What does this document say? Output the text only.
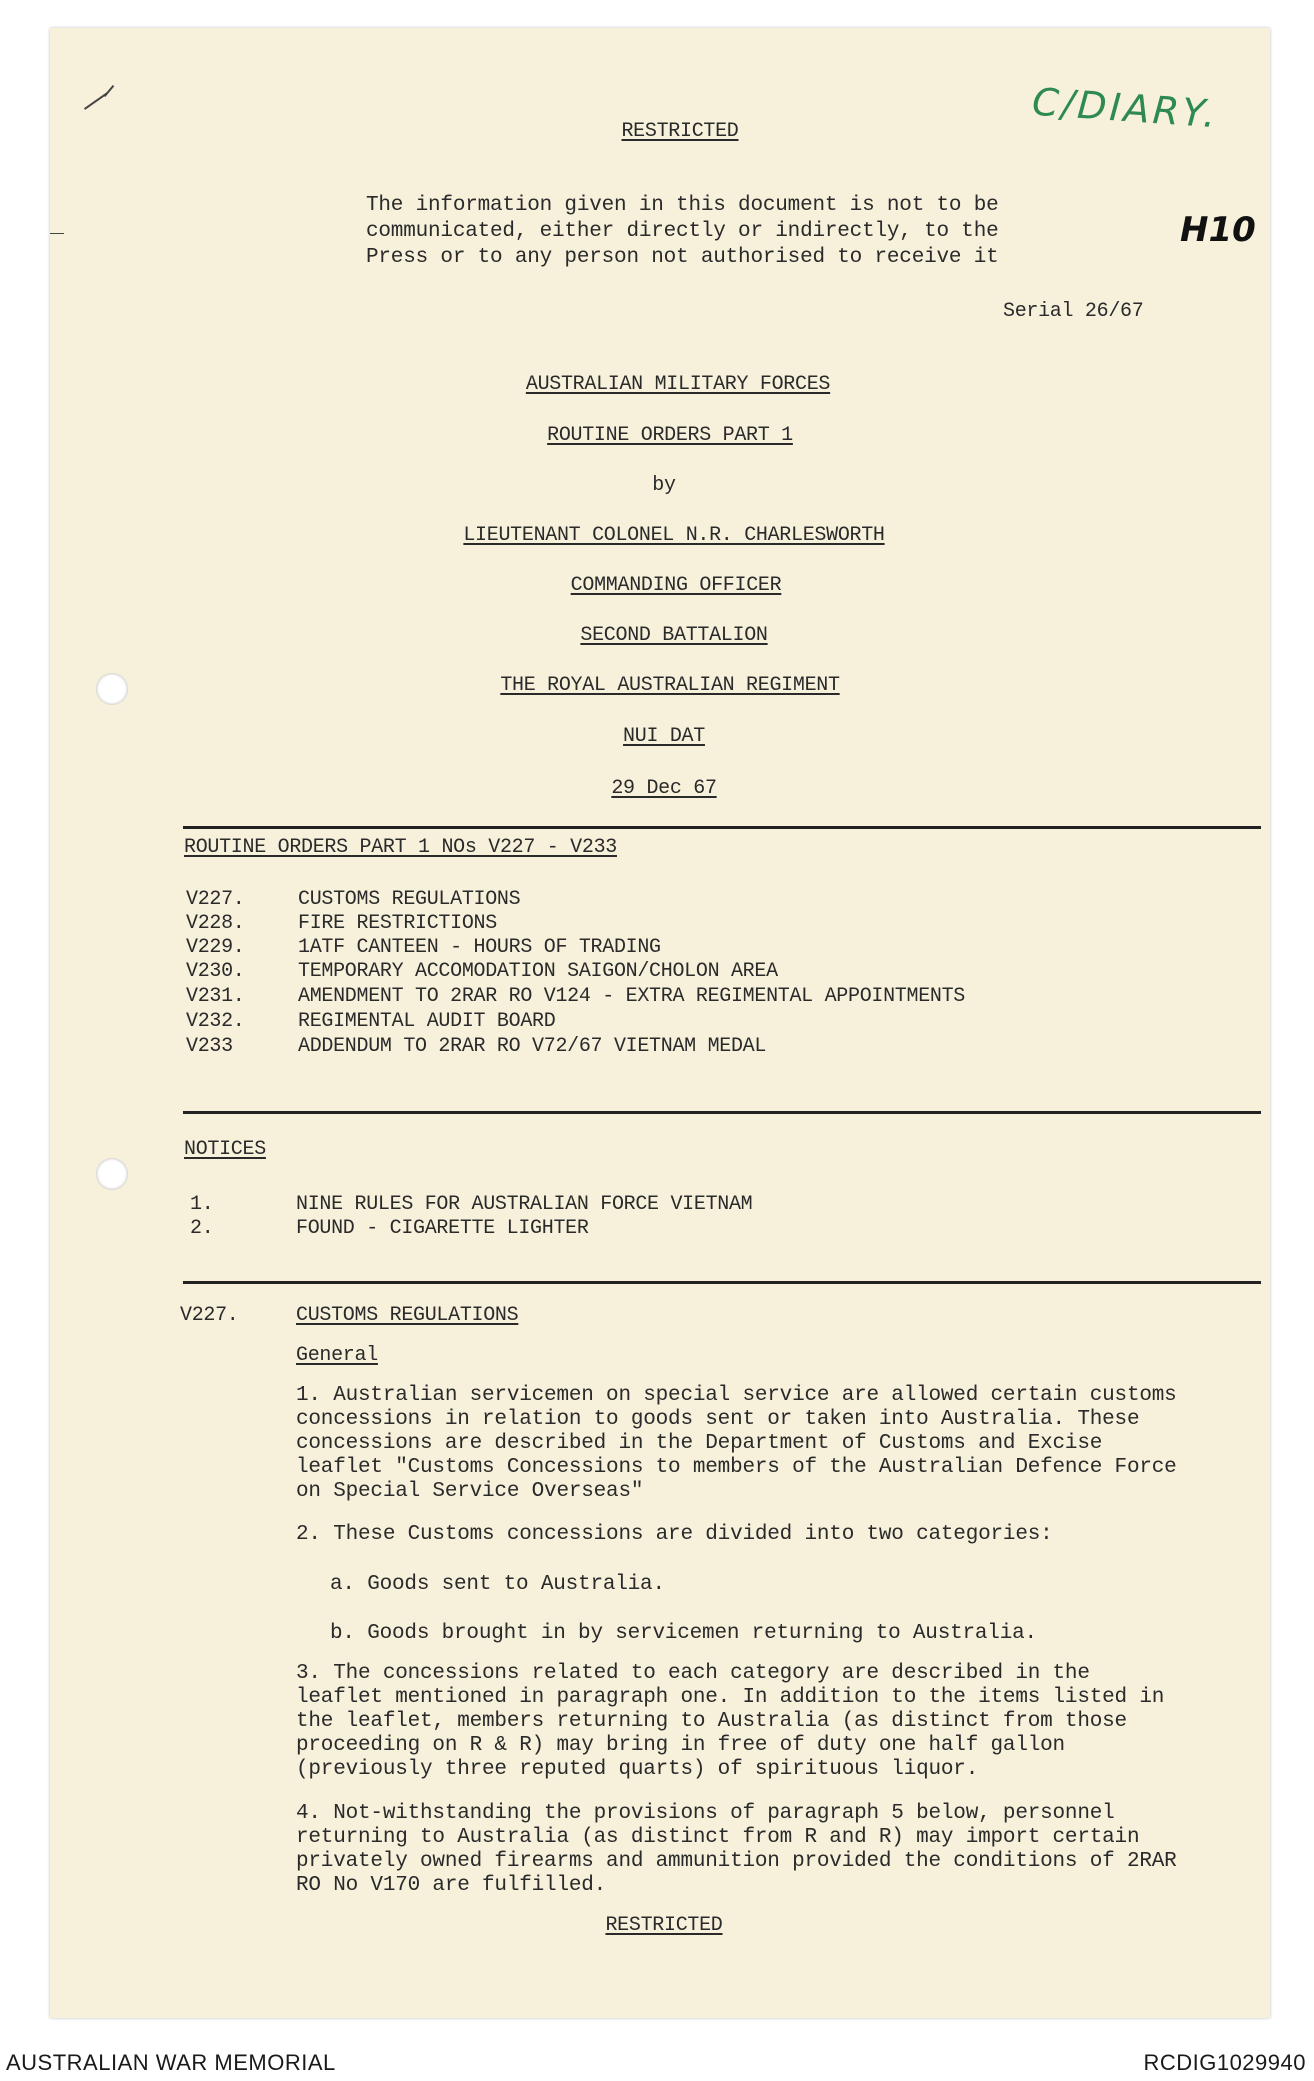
C/DIARY.
H10
RESTRICTED
The information given in this document is not to be
communicated, either directly or indirectly, to the
Press or to any person not authorised to receive it
Serial 26/67
AUSTRALIAN MILITARY FORCES
ROUTINE ORDERS PART 1
by
LIEUTENANT COLONEL N.R. CHARLESWORTH
COMMANDING OFFICER
SECOND BATTALION
THE ROYAL AUSTRALIAN REGIMENT
NUI DAT
29 Dec 67
ROUTINE ORDERS PART 1 NOs V227 - V233
V227.	CUSTOMS REGULATIONS
V228.	FIRE RESTRICTIONS
V229.	1ATF CANTEEN - HOURS OF TRADING
V230.	TEMPORARY ACCOMODATION SAIGON/CHOLON AREA
V231.	AMENDMENT TO 2RAR RO V124 - EXTRA REGIMENTAL APPOINTMENTS
V232.	REGIMENTAL AUDIT BOARD
V233	ADDENDUM TO 2RAR RO V72/67 VIETNAM MEDAL
NOTICES
1.	NINE RULES FOR AUSTRALIAN FORCE VIETNAM
2.	FOUND - CIGARETTE LIGHTER
V227.	CUSTOMS REGULATIONS
General
1. Australian servicemen on special service are allowed certain customs
concessions in relation to goods sent or taken into Australia. These
concessions are described in the Department of Customs and Excise
leaflet "Customs Concessions to members of the Australian Defence Force
on Special Service Overseas"
2. These Customs concessions are divided into two categories:
a. Goods sent to Australia.
b. Goods brought in by servicemen returning to Australia.
3. The concessions related to each category are described in the
leaflet mentioned in paragraph one. In addition to the items listed in
the leaflet, members returning to Australia (as distinct from those
proceeding on R & R) may bring in free of duty one half gallon
(previously three reputed quarts) of spirituous liquor.
4. Not-withstanding the provisions of paragraph 5 below, personnel
returning to Australia (as distinct from R and R) may import certain
privately owned firearms and ammunition provided the conditions of 2RAR
RO No V170 are fulfilled.
RESTRICTED
AUSTRALIAN WAR MEMORIAL	RCDIG1029940
